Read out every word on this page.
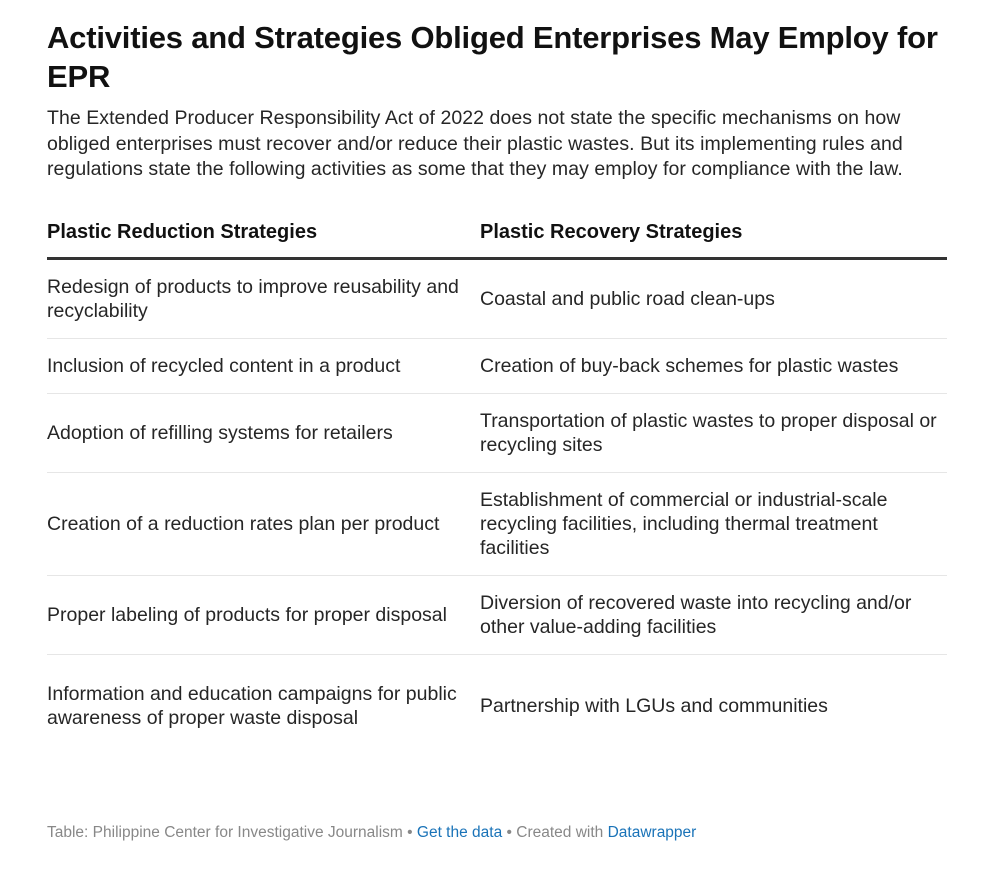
Activities and Strategies Obliged Enterprises May Employ for EPR

The Extended Producer Responsibility Act of 2022 does not state the specific mechanisms on how obliged enterprises must recover and/or reduce their plastic wastes. But its implementing rules and regulations state the following activities as some that they may employ for compliance with the law.

Plastic Reduction Strategies	Plastic Recovery Strategies
Redesign of products to improve reusability and recyclability	Coastal and public road clean-ups
Inclusion of recycled content in a product	Creation of buy-back schemes for plastic wastes
Adoption of refilling systems for retailers	Transportation of plastic wastes to proper disposal or recycling sites
Creation of a reduction rates plan per product	Establishment of commercial or industrial-scale recycling facilities, including thermal treatment facilities
Proper labeling of products for proper disposal	Diversion of recovered waste into recycling and/or other value-adding facilities
Information and education campaigns for public awareness of proper waste disposal	Partnership with LGUs and communities
Table: Philippine Center for Investigative Journalism • Get the data • Created with Datawrapper
